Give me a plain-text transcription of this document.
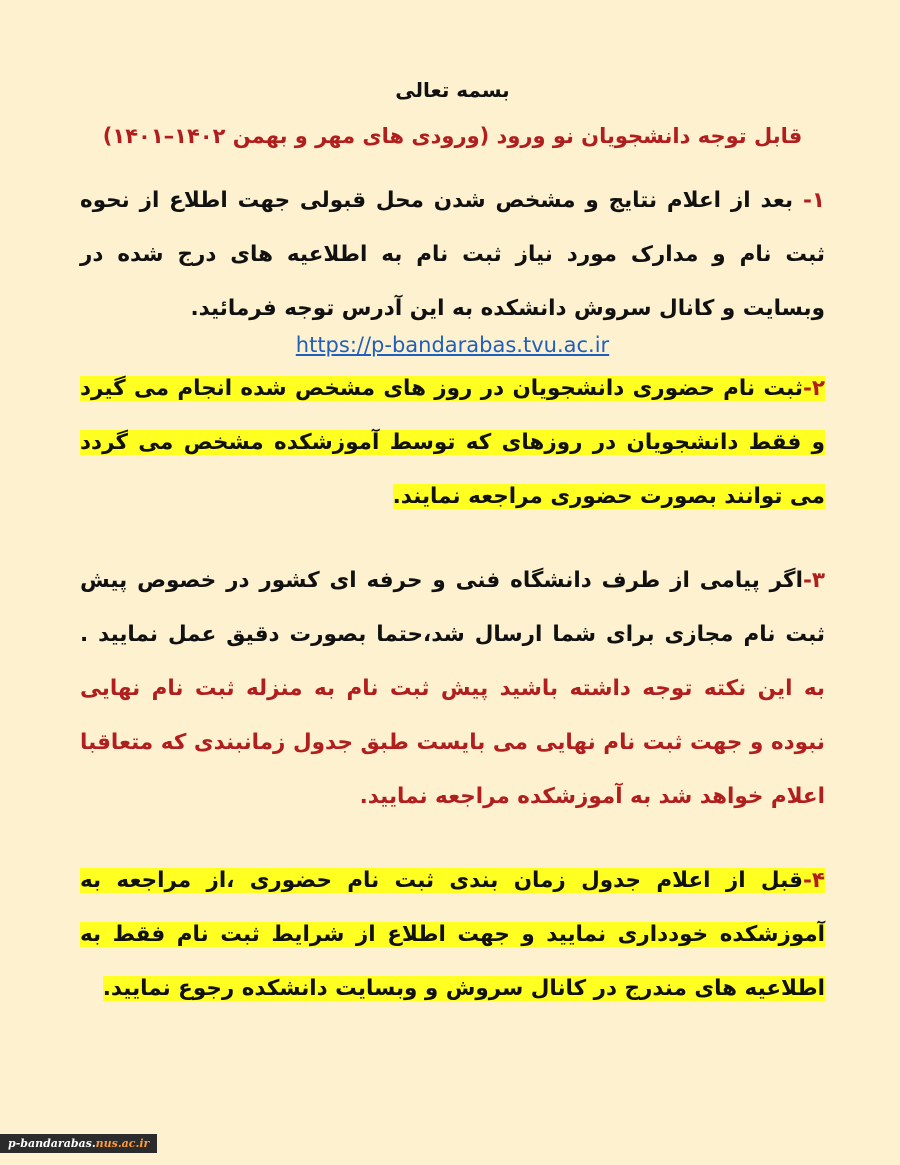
بسمه تعالی
قابل توجه دانشجویان نو ورود (ورودی های مهر و بهمن ۱۴۰۲–۱۴۰۱)

۱- بعد از اعلام نتایج و مشخص شدن محل قبولی جهت اطلاع از نحوه ثبت نام و مدارک مورد نیاز ثبت نام به اطلاعیه های درج شده در وبسایت و کانال سروش دانشکده به این آدرس توجه فرمائید.

https://p-bandarabas.tvu.ac.ir

۲-ثبت نام حضوری دانشجویان در روز های مشخص شده انجام می گیرد و فقط دانشجویان در روزهای که توسط آموزشکده مشخص می گردد می توانند بصورت حضوری مراجعه نمایند.

۳-اگر پیامی از طرف دانشگاه فنی و حرفه ای کشور در خصوص پیش ثبت نام مجازی برای شما ارسال شد،حتما بصورت دقیق عمل نمایید . به این نکته توجه داشته باشید پیش ثبت نام به منزله ثبت نام نهایی نبوده و جهت ثبت نام نهایی می بایست طبق جدول زمانبندی که متعاقبا اعلام خواهد شد به آموزشکده مراجعه نمایید.

۴-قبل از اعلام جدول زمان بندی ثبت نام حضوری ،از مراجعه به آموزشکده خودداری نمایید و جهت اطلاع از شرایط ثبت نام فقط به اطلاعیه های مندرج در کانال سروش و وبسایت دانشکده رجوع نمایید.

p-bandarabas.nus.ac.ir
